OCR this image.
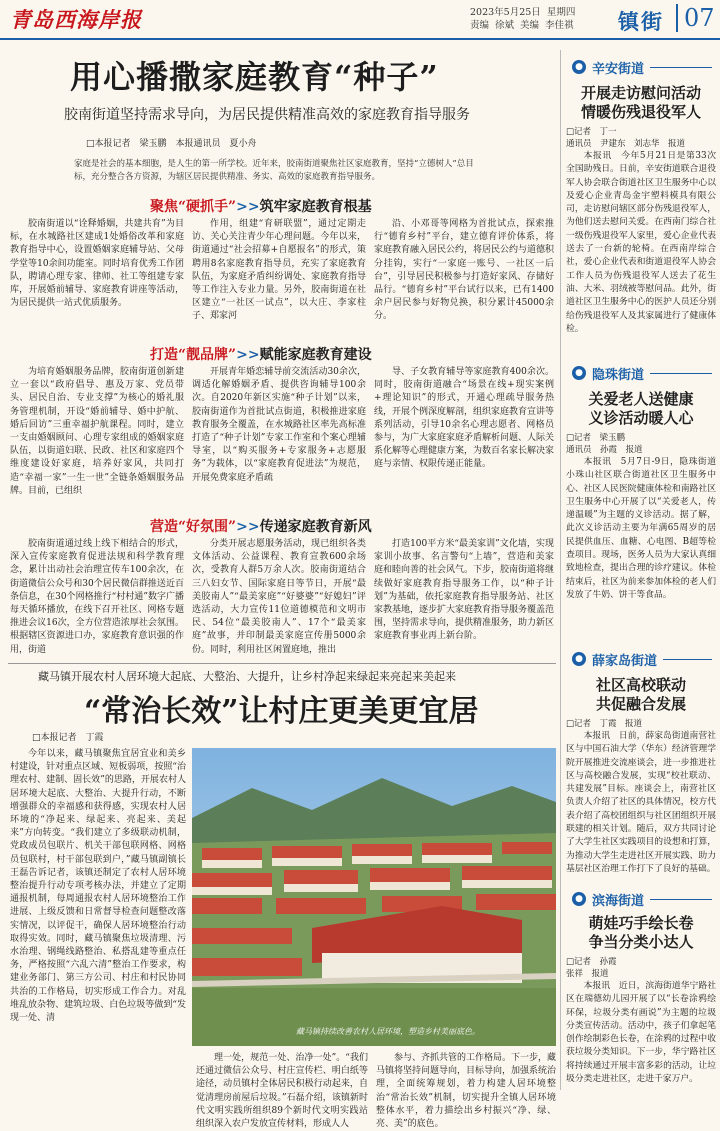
青岛西海岸报	2023年5月25日 星期四
责编 徐斌 美编 李佳祺 镇街 07
用心播撒家庭教育“种子”
胶南街道坚持需求导向，为居民提供精准高效的家庭教育指导服务
□本报记者　梁玉鹏　本报通讯员　夏小舟
家庭是社会的基本细胞，是人生的第一所学校。近年来，胶南街道聚焦社区家庭教育，坚持“立德树人”总目标，充分整合各方资源，为辖区居民提供精准、务实、高效的家庭教育指导服务。
聚焦“硬抓手”>>筑牢家庭教育根基

胶南街道以“诠释婚姻，共建共育”为目标，在水城路社区建成1处婚俗改革和家庭教育指导中心，设置婚姻家庭辅导站、父母学堂等10余间功能室。同时培育优秀工作团队，聘请心理专家、律师、社工等组建专家库，开展婚前辅导、家庭教育讲座等活动，为居民提供一站式优质服务。

作用，组建“育研联盟”，通过定期走访、关心关注青少年心理问题。今年以来，街道通过“社会招募+自愿报名”的形式，策聘用8名家庭教育指导员，充实了家庭教育队伍，为家庭矛盾纠纷调处、家庭教育指导等工作注入专业力量。另外，胶南街道在社区建立“一社区一试点”，以大庄、李家柱子、郑家河

沿、小邓哥等网格为首批试点，探索推行“德育乡村”平台，建立德育评价体系，将家庭教育融入居民公约，将居民公约与道德积分挂钩，实行“一家庭一账号、一社区一后台”，引导居民积极参与打造好家风、存储好品行。“德育乡村”平台试行以来，已有1400余户居民参与好物兑换，积分累计45000余分。

打造“靓品牌”>>赋能家庭教育建设

为培育婚姻服务品牌，胶南街道创新建立一套以“政府倡导、惠及万家、党员带头、居民自治、专业支撑”为核心的婚礼服务管理机制，开设“婚前辅导、婚中护航、婚后回访”三重幸福护航课程。同时，建立一支由婚姻顾问、心理专家组成的婚姻家庭队伍，以街道妇联、民政、社区和家庭四个维度建设好家庭，培养好家风，共同打造“幸福一家”一生一世”全链条婚姻服务品牌。目前，已组织

开展青年婚恋辅导前交流活动30余次，调适化解婚姻矛盾、提供咨询辅导100余次。自2020年新区实施“种子计划”以来，胶南街道作为首批试点街道，积极推进家庭教育服务全覆盖，在水城路社区率先高标准打造了“种子计划”专家工作室和个案心理辅导室，以“购买服务+专家服务+志愿服务”为载体，以“家庭教育促进法”为规范，开展免费家庭矛盾疏

导、子女教育辅导等家庭教育400余次。同时，胶南街道融合“场景在线+现实案例+理论知识”的形式，开通心理疏导服务热线，开展个例深度解剖，组织家庭教育宣讲等系列活动，引导10余名心理志愿者、网格员参与，为广大家庭家庭矛盾解析问题、人际关系化解等心理健康方案，为数百名家长解决家庭与亲情、权限传递正能量。

营造“好氛围”>>传递家庭教育新风

胶南街道通过线上线下相结合的形式，深入宣传家庭教育促进法规和科学教育理念，累计出动社会治理宣传车100余次，在街道微信公众号和30个居民微信群推送近百条信息，在30个网格推行“村村通”数字广播每天循环播放，在线下召开社区、网格专题推进会议16次，全方位营造浓厚社会氛围。根据辖区资源进口办，家庭教育意识强的作用，街道

分类开展志愿服务活动，现已组织各类文体活动、公益课程、教育宣教600余场次，受教育人群5万余人次。胶南街道结合三八妇女节、国际家庭日等节日，开展“最美胶南人”“最美家庭”“好婆婆”“好媳妇”评选活动，大力宣传11位道德模范和文明市民、54位“最美胶南人”、17个“最美家庭”故事，并印制最美家庭宣传册5000余份。同时，利用社区闲置庭地，推出

打造100平方米“最美家训”文化墙，实现家训小故事、名言警句“上墙”，营造和美家庭和睦向善的社会风气。下步，胶南街道将继续做好家庭教育指导服务工作，以“种子计划”为基础，依托家庭教育指导服务站、社区家教基地，逐步扩大家庭教育指导服务覆盖范围，坚持需求导向，提供精准服务，助力新区家庭教育事业再上新台阶。

藏马镇开展农村人居环境大起底、大整治、大提升，让乡村净起来绿起来亮起来美起来
“常治长效”让村庄更美更宜居
□本报记者　丁霞

今年以来，藏马镇聚焦宜居宜业和美乡村建设，针对重点区域、短板弱项，按照“治理农村、建制、固长效”的思路，开展农村人居环境大起底、大整治、大提升行动，不断增强群众的幸福感和获得感，实现农村人居环境的“净起来、绿起来、亮起来、美起来”方向转变。“我们建立了多级联动机制，党政成员包联片、机关干部包联网格、网格员包联村，村干部包联到户，”藏马镇副镇长王磊告诉记者，该镇还制定了农村人居环境整治提升行动专项考核办法，并建立了定期通报机制，每周通报农村人居环境整治工作进展、上级反馈和日常督导检查问题整改落实情况，以评促干，确保人居环境整治行动取得实效。同时，藏马镇聚焦垃圾清理、污水治理、钢绳线路整治、私搭乱建等重点任务，严格按照“六乱六清”整治工作要求，构建业务部门、第三方公司、村庄和村民协同共治的工作格局，切实形成工作合力。对乱堆乱放杂物、建筑垃圾、白色垃圾等做到“发现一处、清

藏马镇持续改善农村人居环境，塑造乡村美丽底色。

理一处，规范一处、治净一处”。“我们还通过微信公众号、村庄宣传栏、明白纸等途径，动员镇村全体居民积极行动起来，自觉清理房前屋后垃圾。”石磊介绍，该镇新时代文明实践所组织89个新时代文明实践站组织深入农户发放宣传材料，形成人人

参与、齐抓共管的工作格局。下一步，藏马镇将坚持问题导向，目标导向，加强系统治理，全面统筹规划，着力构建人居环境整治“常治长效”机制，切实提升全镇人居环境整体水平，着力描绘出乡村振兴“净、绿、亮、美”的底色。

● 辛安街道
开展走访慰问活动
情暖伤残退役军人
□记者　丁一
通讯员　尹建东　刘志华　报道

本报讯　今年5月21日是第33次全国助残日。日前，辛安街道联合退役军人协会联合街道社区卫生服务中心以及爱心企业青岛金宇塑料模具有限公司，走访慰问辖区部分伤残退役军人，为他们送去慰问关爱。在西南门综合社一级伤残退役军人家里，爱心企业代表送去了一台新的轮椅。在西南岸综合社，爱心企业代表和街道退役军人协会工作人员为伤残退役军人送去了花生油、大米、羽绒被等慰问品。此外，街道社区卫生服务中心的医护人员还分别给伤残退役军人及其家属进行了健康体检。

● 隐珠街道
关爱老人送健康
义诊活动暖人心
□记者　梁玉鹏
通讯员　孙霞　报道

本报讯　5月7日-9日，隐珠街道小珠山社区联合街道社区卫生服务中心、社区人民医院健康体检和南路社区卫生服务中心开展了以“关爱老人，传递温暖”为主题的义诊活动。据了解，此次义诊活动主要为年满65周岁的居民提供血压、血糖、心电图、B超等检查项目。现场，医务人员为大家认真细致地检查，提出合理的诊疗建议。体检结束后，社区为前来参加体检的老人们发放了牛奶、饼干等食品。

● 薛家岛街道
社区高校联动
共促融合发展
□记者　丁霞　报道

本报讯　日前，薛家岛街道南营社区与中国石油大学（华东）经济管理学院开展推进交流座谈会，进一步推进社区与高校融合发展，实现“校社联动、共建发展”目标。座谈会上，南营社区负责人介绍了社区的具体情况，校方代表介绍了高校团组织与社区团组织开展联建的相关计划。随后，双方共同讨论了大学生社区实践项目的设想和打算，为推动大学生走进社区开展实践、助力基层社区治理工作打下了良好的基础。

● 滨海街道
萌娃巧手绘长卷
争当分类小达人
□记者　孙霞
张祥　报道

本报讯　近日，滨海街道华宁路社区在瑞德幼儿园开展了以“长卷涂鸦绘环保，垃圾分类有画说”为主题的垃圾分类宣传活动。活动中，孩子们拿起笔创作绘制彩色长卷，在涂鸦的过程中收获垃圾分类知识。下一步，华宁路社区将持续通过开展丰富多彩的活动，让垃圾分类走进社区，走进千家万户。
